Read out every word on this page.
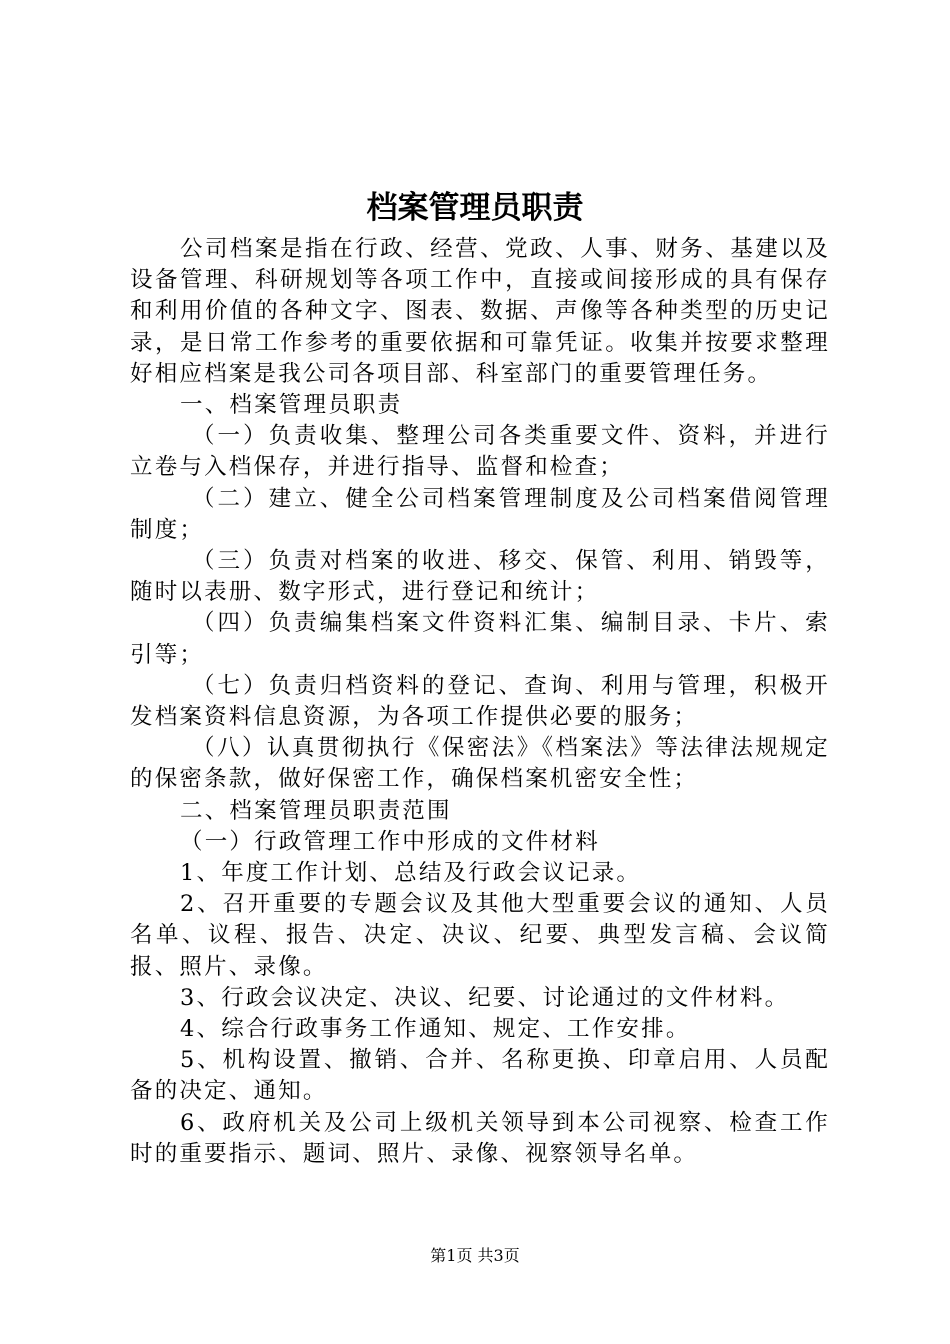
档案管理员职责

公司档案是指在行政、经营、党政、人事、财务、基建以及设备管理、科研规划等各项工作中，直接或间接形成的具有保存和利用价值的各种文字、图表、数据、声像等各种类型的历史记录，是日常工作参考的重要依据和可靠凭证。收集并按要求整理好相应档案是我公司各项目部、科室部门的重要管理任务。

一、档案管理员职责

（一）负责收集、整理公司各类重要文件、资料，并进行立卷与入档保存，并进行指导、监督和检查；

（二）建立、健全公司档案管理制度及公司档案借阅管理制度；

（三）负责对档案的收进、移交、保管、利用、销毁等，随时以表册、数字形式，进行登记和统计；

（四）负责编集档案文件资料汇集、编制目录、卡片、索引等；

（七）负责归档资料的登记、查询、利用与管理，积极开发档案资料信息资源，为各项工作提供必要的服务；

（八）认真贯彻执行《保密法》《档案法》等法律法规规定的保密条款，做好保密工作，确保档案机密安全性；

二、档案管理员职责范围

（一）行政管理工作中形成的文件材料

1、年度工作计划、总结及行政会议记录。

2、召开重要的专题会议及其他大型重要会议的通知、人员名单、议程、报告、决定、决议、纪要、典型发言稿、会议简报、照片、录像。

3、行政会议决定、决议、纪要、讨论通过的文件材料。

4、综合行政事务工作通知、规定、工作安排。

5、机构设置、撤销、合并、名称更换、印章启用、人员配备的决定、通知。

6、政府机关及公司上级机关领导到本公司视察、检查工作时的重要指示、题词、照片、录像、视察领导名单。

第1页 共3页
